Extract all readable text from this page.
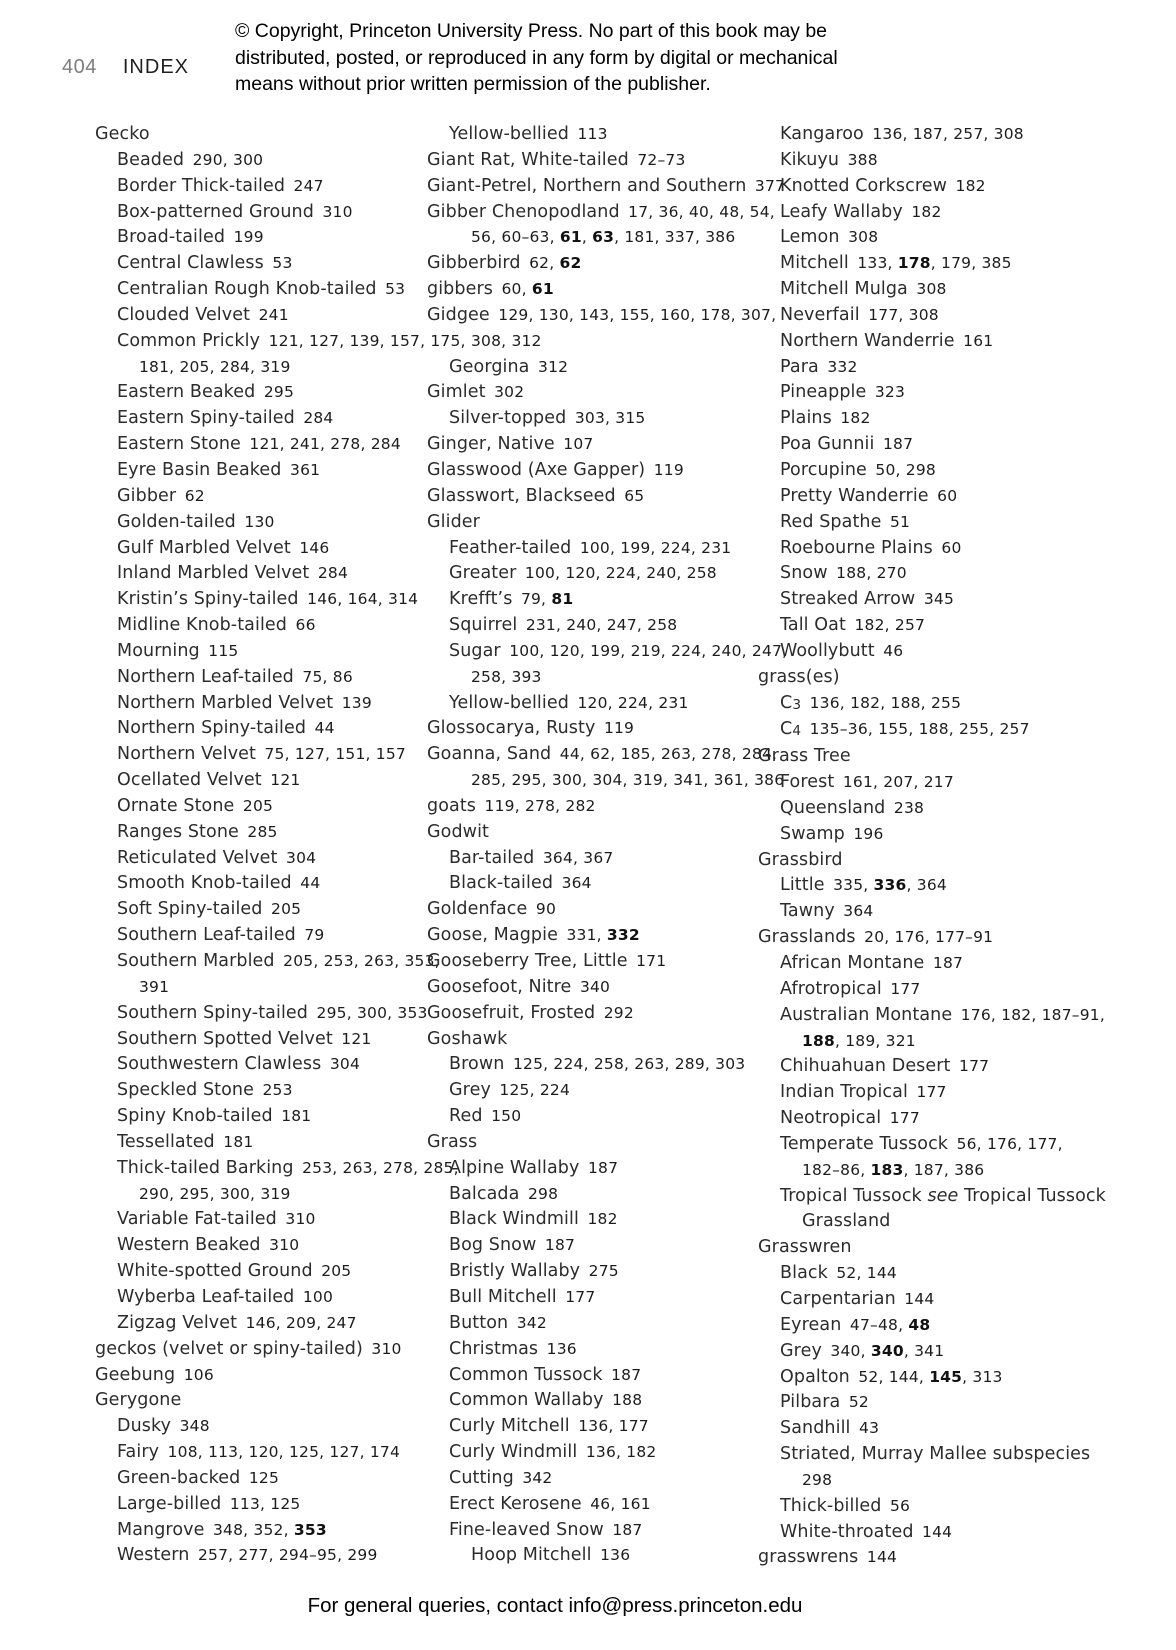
404 INDEX
© Copyright, Princeton University Press. No part of this book may be
distributed, posted, or reproduced in any form by digital or mechanical
means without prior written permission of the publisher.
Gecko
Beaded 290, 300
Border Thick-tailed 247
Box-patterned Ground 310
Broad-tailed 199
Central Clawless 53
Centralian Rough Knob-tailed 53
Clouded Velvet 241
Common Prickly 121, 127, 139, 157, 175,
181, 205, 284, 319
Eastern Beaked 295
Eastern Spiny-tailed 284
Eastern Stone 121, 241, 278, 284
Eyre Basin Beaked 361
Gibber 62
Golden-tailed 130
Gulf Marbled Velvet 146
Inland Marbled Velvet 284
Kristin’s Spiny-tailed 146, 164, 314
Midline Knob-tailed 66
Mourning 115
Northern Leaf-tailed 75, 86
Northern Marbled Velvet 139
Northern Spiny-tailed 44
Northern Velvet 75, 127, 151, 157
Ocellated Velvet 121
Ornate Stone 205
Ranges Stone 285
Reticulated Velvet 304
Smooth Knob-tailed 44
Soft Spiny-tailed 205
Southern Leaf-tailed 79
Southern Marbled 205, 253, 263, 353,
391
Southern Spiny-tailed 295, 300, 353
Southern Spotted Velvet 121
Southwestern Clawless 304
Speckled Stone 253
Spiny Knob-tailed 181
Tessellated 181
Thick-tailed Barking 253, 263, 278, 285,
290, 295, 300, 319
Variable Fat-tailed 310
Western Beaked 310
White-spotted Ground 205
Wyberba Leaf-tailed 100
Zigzag Velvet 146, 209, 247
geckos (velvet or spiny-tailed) 310
Geebung 106
Gerygone
Dusky 348
Fairy 108, 113, 120, 125, 127, 174
Green-backed 125
Large-billed 113, 125
Mangrove 348, 352, 353
Western 257, 277, 294–95, 299
Yellow-bellied 113
Giant Rat, White-tailed 72–73
Giant-Petrel, Northern and Southern 377
Gibber Chenopodland 17, 36, 40, 48, 54,
56, 60–63, 61, 63, 181, 337, 386
Gibberbird 62, 62
gibbers 60, 61
Gidgee 129, 130, 143, 155, 160, 178, 307,
308, 312
Georgina 312
Gimlet 302
Silver-topped 303, 315
Ginger, Native 107
Glasswood (Axe Gapper) 119
Glasswort, Blackseed 65
Glider
Feather-tailed 100, 199, 224, 231
Greater 100, 120, 224, 240, 258
Krefft’s 79, 81
Squirrel 231, 240, 247, 258
Sugar 100, 120, 199, 219, 224, 240, 247,
258, 393
Yellow-bellied 120, 224, 231
Glossocarya, Rusty 119
Goanna, Sand 44, 62, 185, 263, 278, 284,
285, 295, 300, 304, 319, 341, 361, 386
goats 119, 278, 282
Godwit
Bar-tailed 364, 367
Black-tailed 364
Goldenface 90
Goose, Magpie 331, 332
Gooseberry Tree, Little 171
Goosefoot, Nitre 340
Goosefruit, Frosted 292
Goshawk
Brown 125, 224, 258, 263, 289, 303
Grey 125, 224
Red 150
Grass
Alpine Wallaby 187
Balcada 298
Black Windmill 182
Bog Snow 187
Bristly Wallaby 275
Bull Mitchell 177
Button 342
Christmas 136
Common Tussock 187
Common Wallaby 188
Curly Mitchell 136, 177
Curly Windmill 136, 182
Cutting 342
Erect Kerosene 46, 161
Fine-leaved Snow 187
Hoop Mitchell 136
Kangaroo 136, 187, 257, 308
Kikuyu 388
Knotted Corkscrew 182
Leafy Wallaby 182
Lemon 308
Mitchell 133, 178, 179, 385
Mitchell Mulga 308
Neverfail 177, 308
Northern Wanderrie 161
Para 332
Pineapple 323
Plains 182
Poa Gunnii 187
Porcupine 50, 298
Pretty Wanderrie 60
Red Spathe 51
Roebourne Plains 60
Snow 188, 270
Streaked Arrow 345
Tall Oat 182, 257
Woollybutt 46
grass(es)
C3 136, 182, 188, 255
C4 135–36, 155, 188, 255, 257
Grass Tree
Forest 161, 207, 217
Queensland 238
Swamp 196
Grassbird
Little 335, 336, 364
Tawny 364
Grasslands 20, 176, 177–91
African Montane 187
Afrotropical 177
Australian Montane 176, 182, 187–91,
188, 189, 321
Chihuahuan Desert 177
Indian Tropical 177
Neotropical 177
Temperate Tussock 56, 176, 177,
182–86, 183, 187, 386
Tropical Tussock see Tropical Tussock
Grassland
Grasswren
Black 52, 144
Carpentarian 144
Eyrean 47–48, 48
Grey 340, 340, 341
Opalton 52, 144, 145, 313
Pilbara 52
Sandhill 43
Striated, Murray Mallee subspecies
298
Thick-billed 56
White-throated 144
grasswrens 144
For general queries, contact info@press.princeton.edu
